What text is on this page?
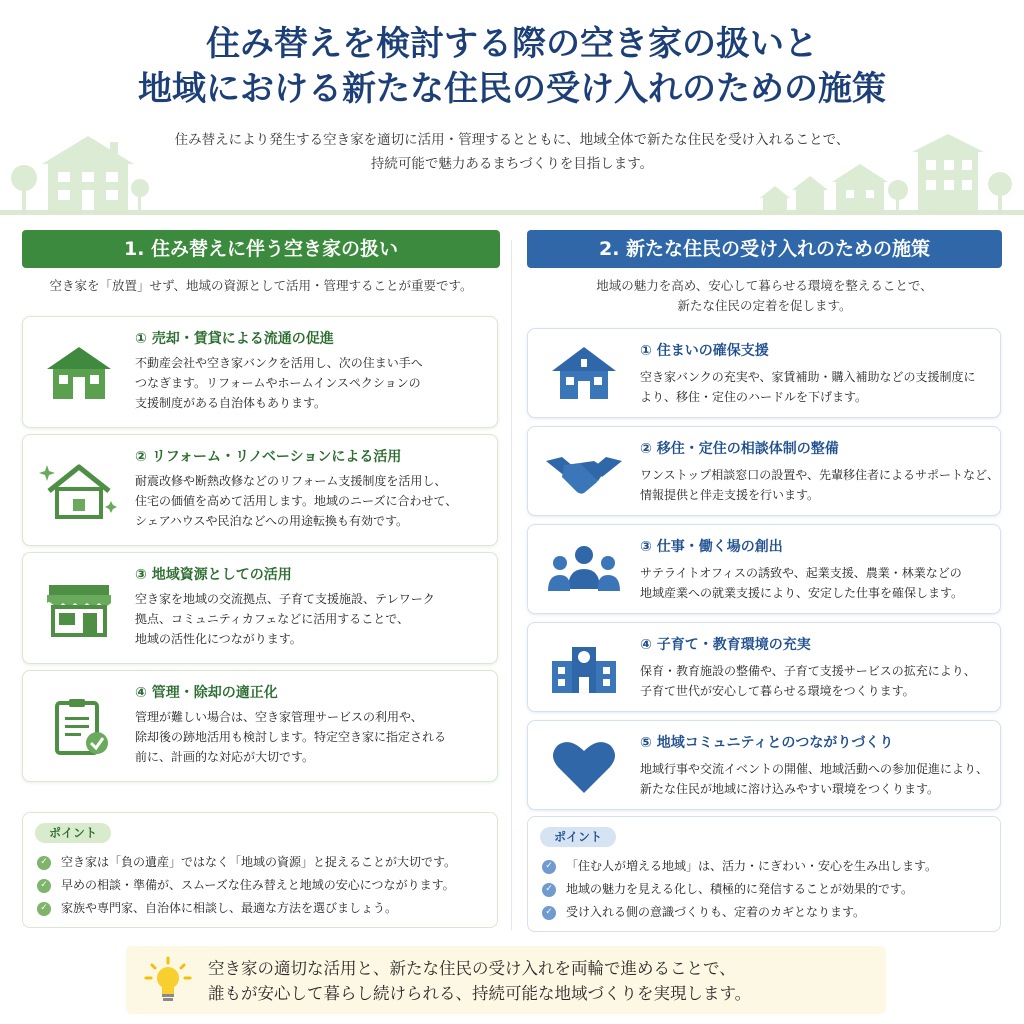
住み替えを検討する際の空き家の扱いと
地域における新たな住民の受け入れのための施策
住み替えにより発生する空き家を適切に活用・管理するとともに、地域全体で新たな住民を受け入れることで、
持続可能で魅力あるまちづくりを目指します。
1. 住み替えに伴う空き家の扱い
空き家を「放置」せず、地域の資源として活用・管理することが重要です。
① 売却・賃貸による流通の促進
不動産会社や空き家バンクを活用し、次の住まい手へ
つなぎます。リフォームやホームインスペクションの
支援制度がある自治体もあります。
② リフォーム・リノベーションによる活用
耐震改修や断熱改修などのリフォーム支援制度を活用し、
住宅の価値を高めて活用します。地域のニーズに合わせて、
シェアハウスや民泊などへの用途転換も有効です。
③ 地域資源としての活用
空き家を地域の交流拠点、子育て支援施設、テレワーク
拠点、コミュニティカフェなどに活用することで、
地域の活性化につながります。
④ 管理・除却の適正化
管理が難しい場合は、空き家管理サービスの利用や、
除却後の跡地活用も検討します。特定空き家に指定される
前に、計画的な対応が大切です。
ポイント
✓ 空き家は「負の遺産」ではなく「地域の資源」と捉えることが大切です。
✓ 早めの相談・準備が、スムーズな住み替えと地域の安心につながります。
✓ 家族や専門家、自治体に相談し、最適な方法を選びましょう。
2. 新たな住民の受け入れのための施策
地域の魅力を高め、安心して暮らせる環境を整えることで、
新たな住民の定着を促します。
① 住まいの確保支援
空き家バンクの充実や、家賃補助・購入補助などの支援制度に
より、移住・定住のハードルを下げます。
② 移住・定住の相談体制の整備
ワンストップ相談窓口の設置や、先輩移住者によるサポートなど、
情報提供と伴走支援を行います。
③ 仕事・働く場の創出
サテライトオフィスの誘致や、起業支援、農業・林業などの
地域産業への就業支援により、安定した仕事を確保します。
④ 子育て・教育環境の充実
保育・教育施設の整備や、子育て支援サービスの拡充により、
子育て世代が安心して暮らせる環境をつくります。
⑤ 地域コミュニティとのつながりづくり
地域行事や交流イベントの開催、地域活動への参加促進により、
新たな住民が地域に溶け込みやすい環境をつくります。
ポイント
✓ 「住む人が増える地域」は、活力・にぎわい・安心を生み出します。
✓ 地域の魅力を見える化し、積極的に発信することが効果的です。
✓ 受け入れる側の意識づくりも、定着のカギとなります。
空き家の適切な活用と、新たな住民の受け入れを両輪で進めることで、
誰もが安心して暮らし続けられる、持続可能な地域づくりを実現します。
